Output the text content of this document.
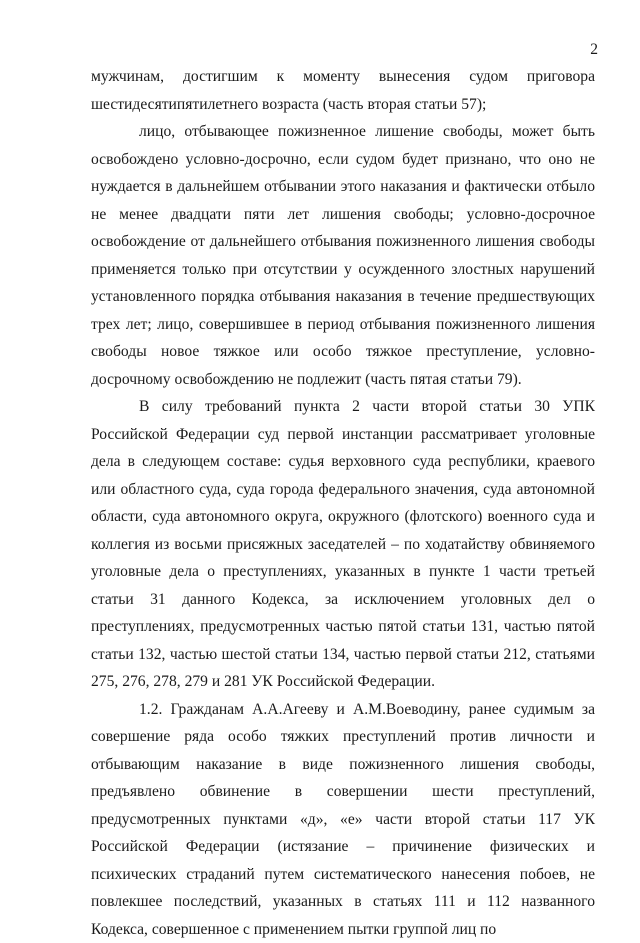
2

мужчинам, достигшим к моменту вынесения судом приговора шестидесятипятилетнего возраста (часть вторая статьи 57);

лицо, отбывающее пожизненное лишение свободы, может быть освобождено условно-досрочно, если судом будет признано, что оно не нуждается в дальнейшем отбывании этого наказания и фактически отбыло не менее двадцати пяти лет лишения свободы; условно-досрочное освобождение от дальнейшего отбывания пожизненного лишения свободы применяется только при отсутствии у осужденного злостных нарушений установленного порядка отбывания наказания в течение предшествующих трех лет; лицо, совершившее в период отбывания пожизненного лишения свободы новое тяжкое или особо тяжкое преступление, условно-досрочному освобождению не подлежит (часть пятая статьи 79).

В силу требований пункта 2 части второй статьи 30 УПК Российской Федерации суд первой инстанции рассматривает уголовные дела в следующем составе: судья верховного суда республики, краевого или областного суда, суда города федерального значения, суда автономной области, суда автономного округа, окружного (флотского) военного суда и коллегия из восьми присяжных заседателей – по ходатайству обвиняемого уголовные дела о преступлениях, указанных в пункте 1 части третьей статьи 31 данного Кодекса, за исключением уголовных дел о преступлениях, предусмотренных частью пятой статьи 131, частью пятой статьи 132, частью шестой статьи 134, частью первой статьи 212, статьями 275, 276, 278, 279 и 281 УК Российской Федерации.

1.2. Гражданам А.А.Агееву и А.М.Воеводину, ранее судимым за совершение ряда особо тяжких преступлений против личности и отбывающим наказание в виде пожизненного лишения свободы, предъявлено обвинение в совершении шести преступлений, предусмотренных пунктами «д», «е» части второй статьи 117 УК Российской Федерации (истязание – причинение физических и психических страданий путем систематического нанесения побоев, не повлекшее последствий, указанных в статьях 111 и 112 названного Кодекса, совершенное с применением пытки группой лиц по
